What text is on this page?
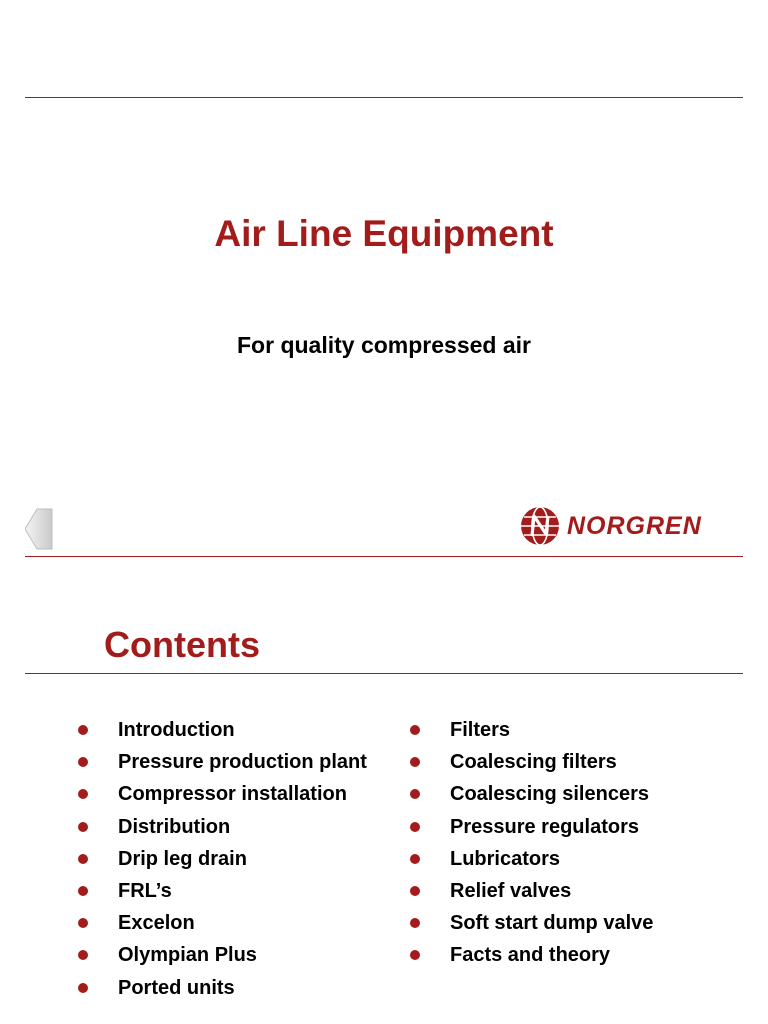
Air Line Equipment
For quality compressed air
NORGREN
Contents
Introduction
Pressure production plant
Compressor installation
Distribution
Drip leg drain
FRL’s
Excelon
Olympian Plus
Ported units
Filters
Coalescing filters
Coalescing silencers
Pressure regulators
Lubricators
Relief valves
Soft start dump valve
Facts and theory
